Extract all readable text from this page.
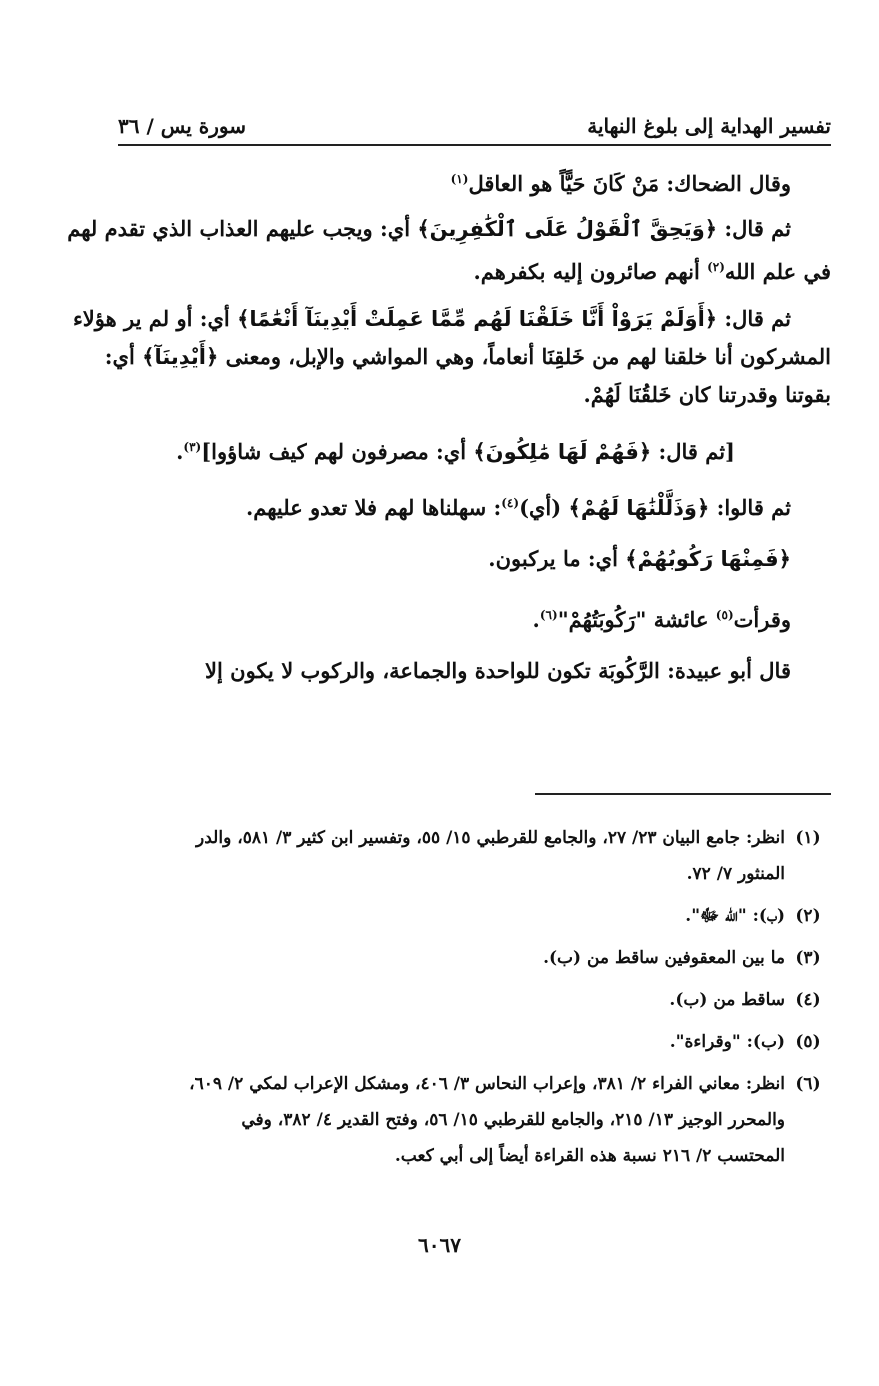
تفسير الهداية إلى بلوغ النهاية
سورة يس / ٣٦

وقال الضحاك: مَنْ كَانَ حَيًّاً هو العاقل$^{(١)}$

ثم قال: ﴿وَيَحِقَّ ٱلْقَوْلُ عَلَى ٱلْكَٰفِرِينَ﴾ أي: ويجب عليهم العذاب الذي تقدم لهم

في علم الله$^{(٢)}$ أنهم صائرون إليه بكفرهم.

ثم قال: ﴿أَوَلَمْ يَرَوْاْ أَنَّا خَلَقْنَا لَهُم مِّمَّا عَمِلَتْ أَيْدِينَآ أَنْعَٰمًا﴾ أي: أو لم ير هؤلاء

المشركون أنا خلقنا لهم من خَلقِنَا أنعاماً، وهي المواشي والإبل، ومعنى ﴿أَيْدِينَآ﴾ أي:
بقوتنا وقدرتنا كان خَلقُنَا لَهُمْ.

[ثم قال: ﴿فَهُمْ لَهَا مَٰلِكُونَ﴾ أي: مصرفون لهم كيف شاؤوا]$^{(٣)}$.

ثم قالوا: ﴿وَذَلَّلْنَٰهَا لَهُمْ﴾ (أي)$^{(٤)}$: سهلناها لهم فلا تعدو عليهم.

﴿فَمِنْهَا رَكُوبُهُمْ﴾ أي: ما يركبون.

وقرأت$^{(٥)}$ عائشة "رَكُوبَتُهُمْ"$^{(٦)}$.

قال أبو عبيدة: الرَّكُوبَة تكون للواحدة والجماعة، والركوب لا يكون إلا

(١)
انظر: جامع البيان ٢٣/ ٢٧، والجامع للقرطبي ١٥/ ٥٥، وتفسير ابن كثير ٣/ ٥٨١، والدر
المنثور ٧/ ٧٢.
(٢)
(ب): "الله ﷻ".
(٣)
ما بين المعقوفين ساقط من (ب).
(٤)
ساقط من (ب).
(٥)
(ب): "وقراءة".
(٦)
انظر: معاني الفراء ٢/ ٣٨١، وإعراب النحاس ٣/ ٤٠٦، ومشكل الإعراب لمكي ٢/ ٦٠٩،
والمحرر الوجيز ١٣/ ٢١٥، والجامع للقرطبي ١٥/ ٥٦، وفتح القدير ٤/ ٣٨٢، وفي
المحتسب ٢/ ٢١٦ نسبة هذه القراءة أيضاً إلى أبي كعب.
٦٠٦٧
